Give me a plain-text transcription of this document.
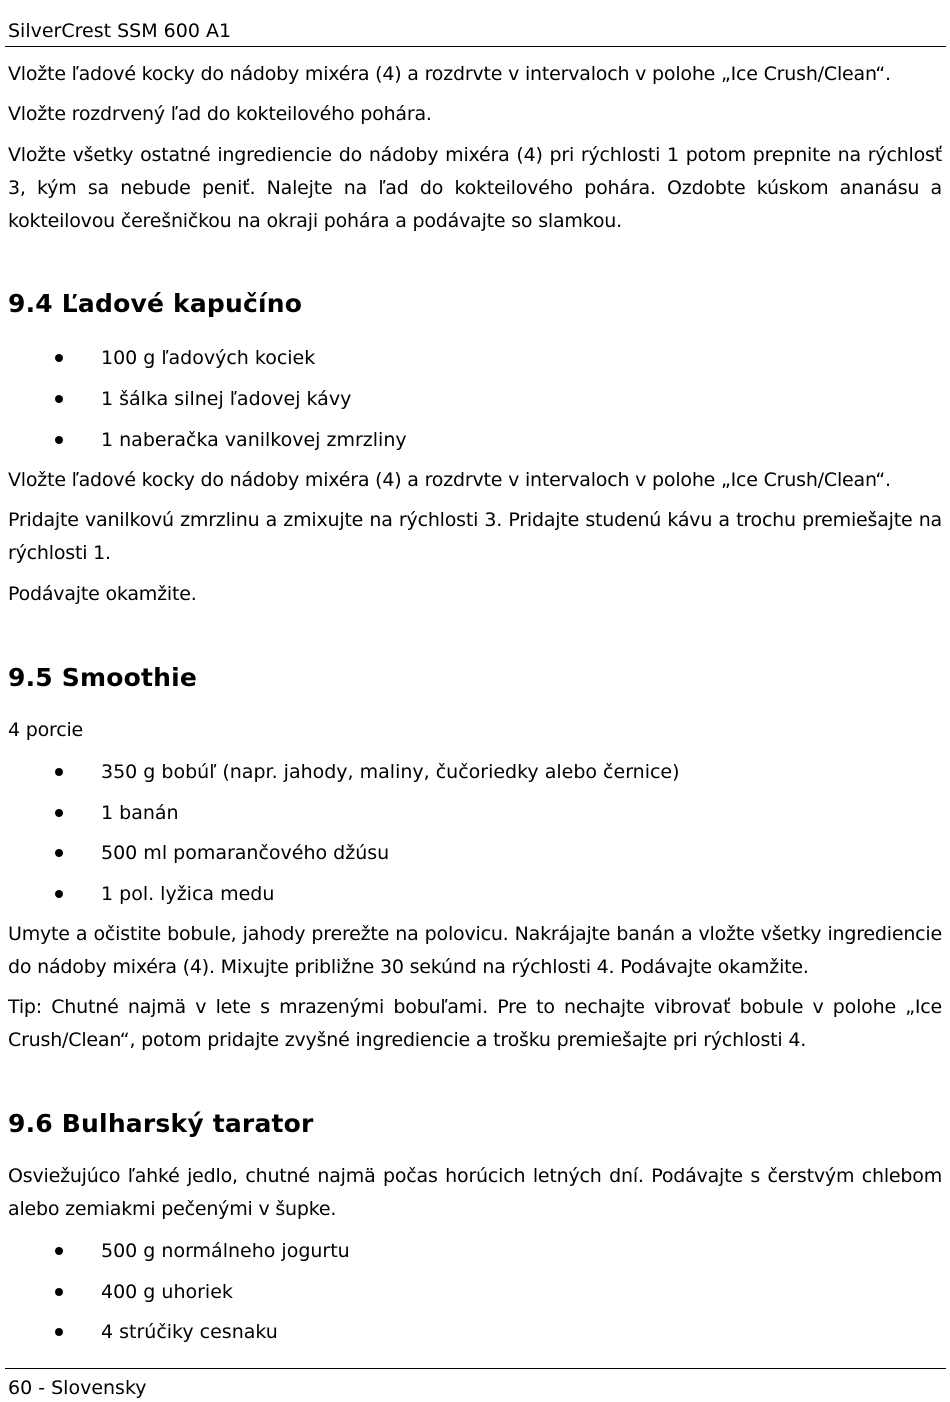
SilverCrest SSM 600 A1
Vložte ľadové kocky do nádoby mixéra (4) a rozdrvte v intervaloch v polohe „Ice Crush/Clean“.
Vložte rozdrvený ľad do kokteilového pohára.
Vložte všetky ostatné ingrediencie do nádoby mixéra (4) pri rýchlosti 1 potom prepnite na rýchlosť 3, kým sa nebude peniť. Nalejte na ľad do kokteilového pohára. Ozdobte kúskom ananásu a kokteilovou čerešničkou na okraji pohára a podávajte so slamkou.
9.4 Ľadové kapučíno
100 g ľadových kociek
1 šálka silnej ľadovej kávy
1 naberačka vanilkovej zmrzliny
Vložte ľadové kocky do nádoby mixéra (4) a rozdrvte v intervaloch v polohe „Ice Crush/Clean“.
Pridajte vanilkovú zmrzlinu a zmixujte na rýchlosti 3. Pridajte studenú kávu a trochu premiešajte na rýchlosti 1.
Podávajte okamžite.
9.5 Smoothie
4 porcie
350 g bobúľ (napr. jahody, maliny, čučoriedky alebo černice)
1 banán
500 ml pomarančového džúsu
1 pol. lyžica medu
Umyte a očistite bobule, jahody prerežte na polovicu. Nakrájajte banán a vložte všetky ingrediencie do nádoby mixéra (4). Mixujte približne 30 sekúnd na rýchlosti 4. Podávajte okamžite.
Tip: Chutné najmä v lete s mrazenými bobuľami. Pre to nechajte vibrovať bobule v polohe „Ice Crush/Clean“, potom pridajte zvyšné ingrediencie a trošku premiešajte pri rýchlosti 4.
9.6 Bulharský tarator
Osviežujúco ľahké jedlo, chutné najmä počas horúcich letných dní. Podávajte s čerstvým chlebom alebo zemiakmi pečenými v šupke.
500 g normálneho jogurtu
400 g uhoriek
4 strúčiky cesnaku
60 - Slovensky
